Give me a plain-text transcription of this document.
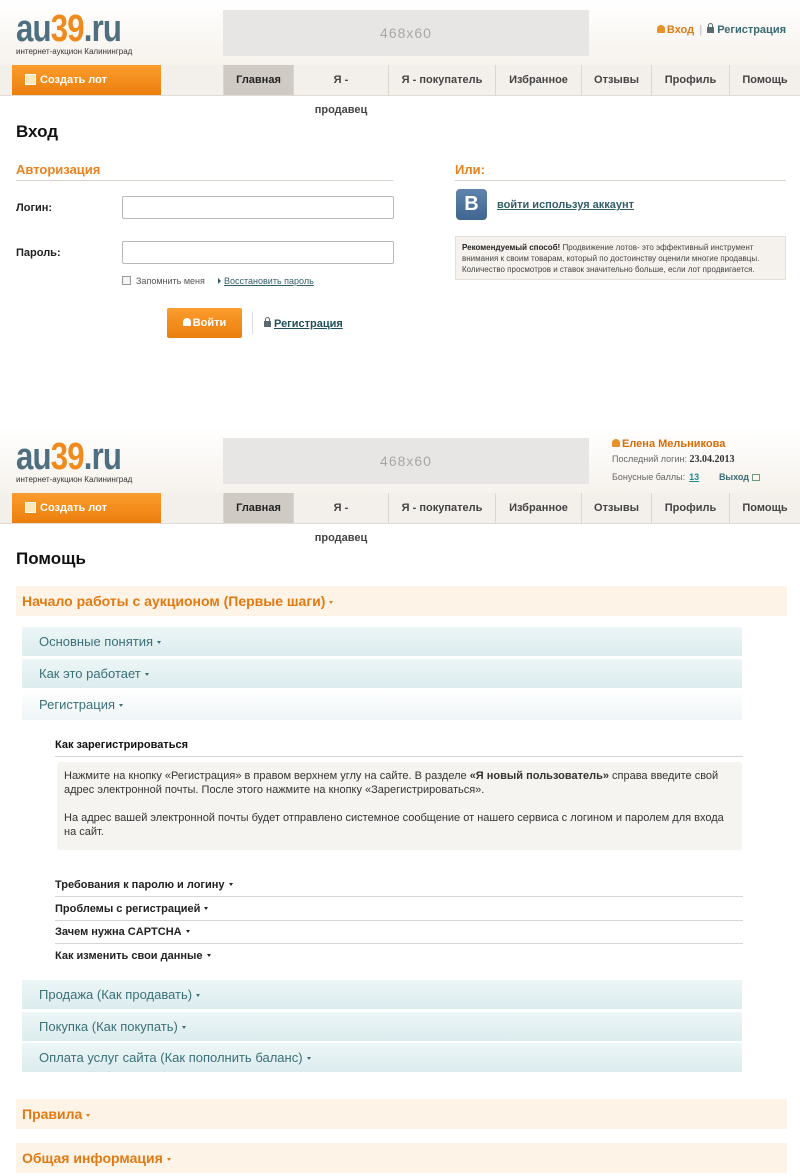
au39.ru
интернет-аукцион Калининград
468x60	Вход | Регистрация
Создать лот	Главная	Я - продавец
Я - покупатель	Избранное	Отзывы	Профиль	Помощь
Вход
Авторизация
Логин:
Пароль:
Запомнить меня	Восстановить пароль
Войти	Регистрация
Или:
B	войти используя аккаунт
Рекомендуемый способ! Продвижение лотов- это эффективный инструмент внимания к своим товарам, который по достоинству оценили многие продавцы. Количество просмотров и ставок значительно больше, если лот продвигается.
au39.ru
интернет-аукцион Калининград
468x60
Елена Мельникова
Последний логин: 23.04.2013
Бонусные баллы: 13	Выход
Создать лот	Главная	Я - продавец
Я - покупатель	Избранное	Отзывы	Профиль	Помощь
Помощь
Начало работы с аукционом (Первые шаги)
Основные понятия
Как это работает
Регистрация
Как зарегистрироваться

Нажмите на кнопку «Регистрация» в правом верхнем углу на сайте. В разделе «Я новый пользователь» справа введите свой адрес электронной почты. После этого нажмите на кнопку «Зарегистрироваться».

На адрес вашей электронной почты будет отправлено системное сообщение от нашего сервиса с логином и паролем для входа на сайт.

Требования к паролю и логину
Проблемы с регистрацией
Зачем нужна CAPTCHA
Как изменить свои данные
Продажа (Как продавать)
Покупка (Как покупать)
Оплата услуг сайта (Как пополнить баланс)
Правила
Общая информация
